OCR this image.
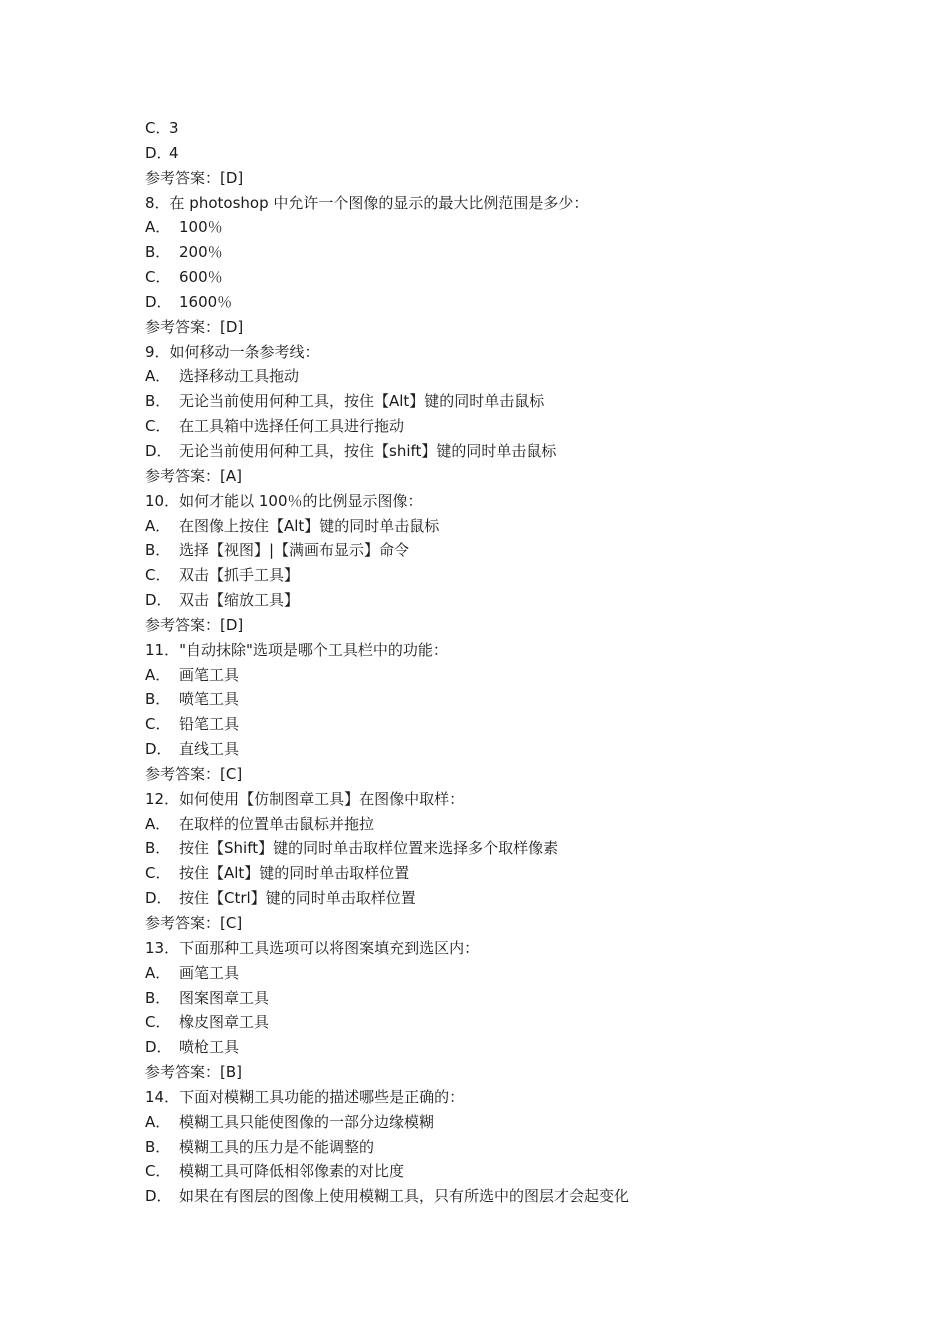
C．
3
D．
4
参考答案：[D]
8．在 photoshop 中允许一个图像的显示的最大比例范围是多少：
A． 100％
B． 200％
C． 600％
D． 1600％
参考答案：[D]
9．如何移动一条参考线：
A． 选择移动工具拖动
B． 无论当前使用何种工具，按住【Alt】键的同时单击鼠标
C． 在工具箱中选择任何工具进行拖动
D． 无论当前使用何种工具，按住【shift】键的同时单击鼠标
参考答案：[A]
10．如何才能以 100％的比例显示图像：
A． 在图像上按住【Alt】键的同时单击鼠标
B． 选择【视图】|【满画布显示】命令
C． 双击【抓手工具】
D． 双击【缩放工具】
参考答案：[D]
11．"自动抹除"选项是哪个工具栏中的功能：
A． 画笔工具
B． 喷笔工具
C． 铅笔工具
D． 直线工具
参考答案：[C]
12．如何使用【仿制图章工具】在图像中取样：
A． 在取样的位置单击鼠标并拖拉
B． 按住【Shift】键的同时单击取样位置来选择多个取样像素
C． 按住【Alt】键的同时单击取样位置
D． 按住【Ctrl】键的同时单击取样位置
参考答案：[C]
13．下面那种工具选项可以将图案填充到选区内：
A． 画笔工具
B． 图案图章工具
C． 橡皮图章工具
D． 喷枪工具
参考答案：[B]
14．下面对模糊工具功能的描述哪些是正确的：
A． 模糊工具只能使图像的一部分边缘模糊
B． 模糊工具的压力是不能调整的
C． 模糊工具可降低相邻像素的对比度
D． 如果在有图层的图像上使用模糊工具，只有所选中的图层才会起变化
